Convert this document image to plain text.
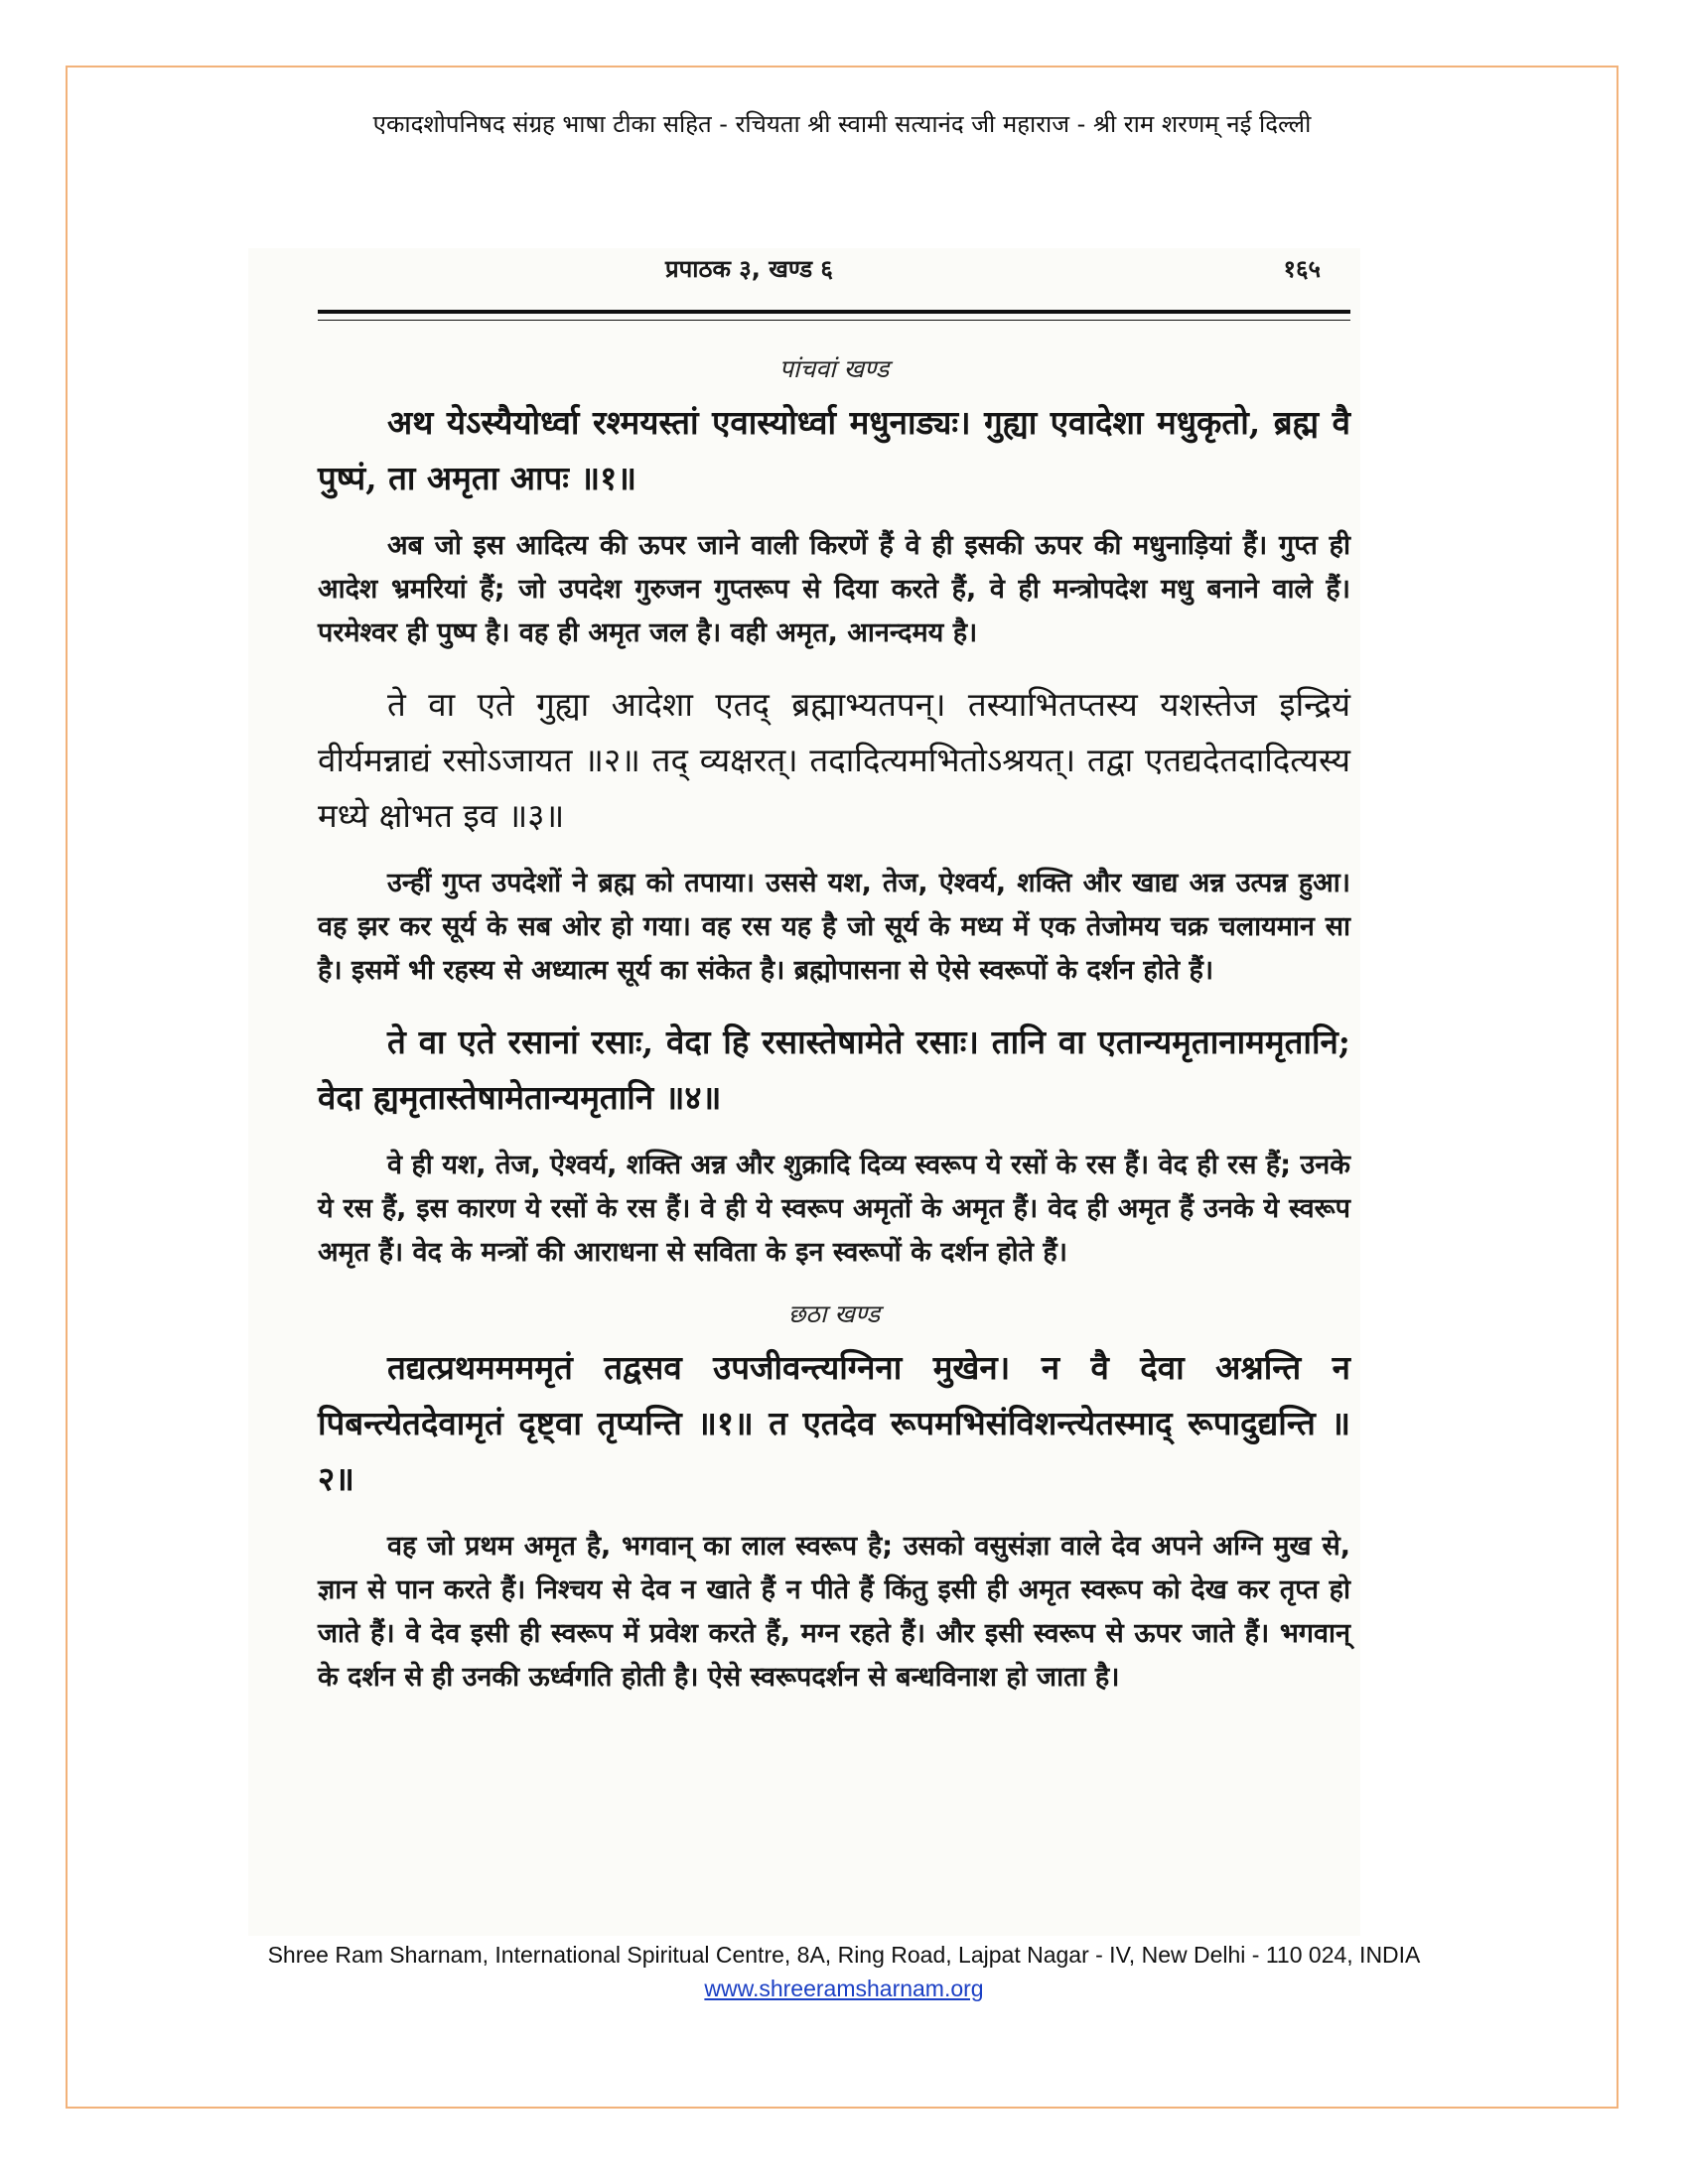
एकादशोपनिषद संग्रह भाषा टीका सहित - रचियता श्री स्वामी सत्यानंद जी महाराज - श्री राम शरणम् नई दिल्ली
प्रपाठक ३, खण्ड ६	१६५
पांचवां खण्ड

अथ येऽस्यैयोर्ध्वा रश्मयस्तां एवास्योर्ध्वा मधुनाड्यः। गुह्या एवादेशा मधुकृतो, ब्रह्म वै पुष्पं, ता अमृता आपः ॥१॥

अब जो इस आदित्य की ऊपर जाने वाली किरणें हैं वे ही इसकी ऊपर की मधुनाड़ियां हैं। गुप्त ही आदेश भ्रमरियां हैं; जो उपदेश गुरुजन गुप्तरूप से दिया करते हैं, वे ही मन्त्रोपदेश मधु बनाने वाले हैं। परमेश्वर ही पुष्प है। वह ही अमृत जल है। वही अमृत, आनन्दमय है।

ते वा एते गुह्या आदेशा एतद् ब्रह्माभ्यतपन्। तस्याभितप्तस्य यशस्तेज इन्द्रियं वीर्यमन्नाद्यं रसोऽजायत ॥२॥ तद् व्यक्षरत्। तदादित्यमभितोऽश्रयत्। तद्वा एतद्यदेतदादित्यस्य मध्ये क्षोभत इव ॥३॥

उन्हीं गुप्त उपदेशों ने ब्रह्म को तपाया। उससे यश, तेज, ऐश्वर्य, शक्ति और खाद्य अन्न उत्पन्न हुआ। वह झर कर सूर्य के सब ओर हो गया। वह रस यह है जो सूर्य के मध्य में एक तेजोमय चक्र चलायमान सा है। इसमें भी रहस्य से अध्यात्म सूर्य का संकेत है। ब्रह्मोपासना से ऐसे स्वरूपों के दर्शन होते हैं।

ते वा एते रसानां रसाः, वेदा हि रसास्तेषामेते रसाः। तानि वा एतान्यमृतानाममृतानि; वेदा ह्यमृतास्तेषामेतान्यमृतानि ॥४॥

वे ही यश, तेज, ऐश्वर्य, शक्ति अन्न और शुक्रादि दिव्य स्वरूप ये रसों के रस हैं। वेद ही रस हैं; उनके ये रस हैं, इस कारण ये रसों के रस हैं। वे ही ये स्वरूप अमृतों के अमृत हैं। वेद ही अमृत हैं उनके ये स्वरूप अमृत हैं। वेद के मन्त्रों की आराधना से सविता के इन स्वरूपों के दर्शन होते हैं।

छठा खण्ड

तद्यत्प्रथममममृतं तद्वसव उपजीवन्त्यग्निना मुखेन। न वै देवा अश्नन्ति न पिबन्त्येतदेवामृतं दृष्ट्वा तृप्यन्ति ॥१॥ त एतदेव रूपमभिसंविशन्त्येतस्माद् रूपादुद्यन्ति ॥२॥

वह जो प्रथम अमृत है, भगवान् का लाल स्वरूप है; उसको वसुसंज्ञा वाले देव अपने अग्नि मुख से, ज्ञान से पान करते हैं। निश्चय से देव न खाते हैं न पीते हैं किंतु इसी ही अमृत स्वरूप को देख कर तृप्त हो जाते हैं। वे देव इसी ही स्वरूप में प्रवेश करते हैं, मग्न रहते हैं। और इसी स्वरूप से ऊपर जाते हैं। भगवान् के दर्शन से ही उनकी ऊर्ध्वगति होती है। ऐसे स्वरूपदर्शन से बन्धविनाश हो जाता है।

Shree Ram Sharnam, International Spiritual Centre, 8A, Ring Road, Lajpat Nagar - IV, New Delhi - 110 024, INDIA
www.shreeramsharnam.org
